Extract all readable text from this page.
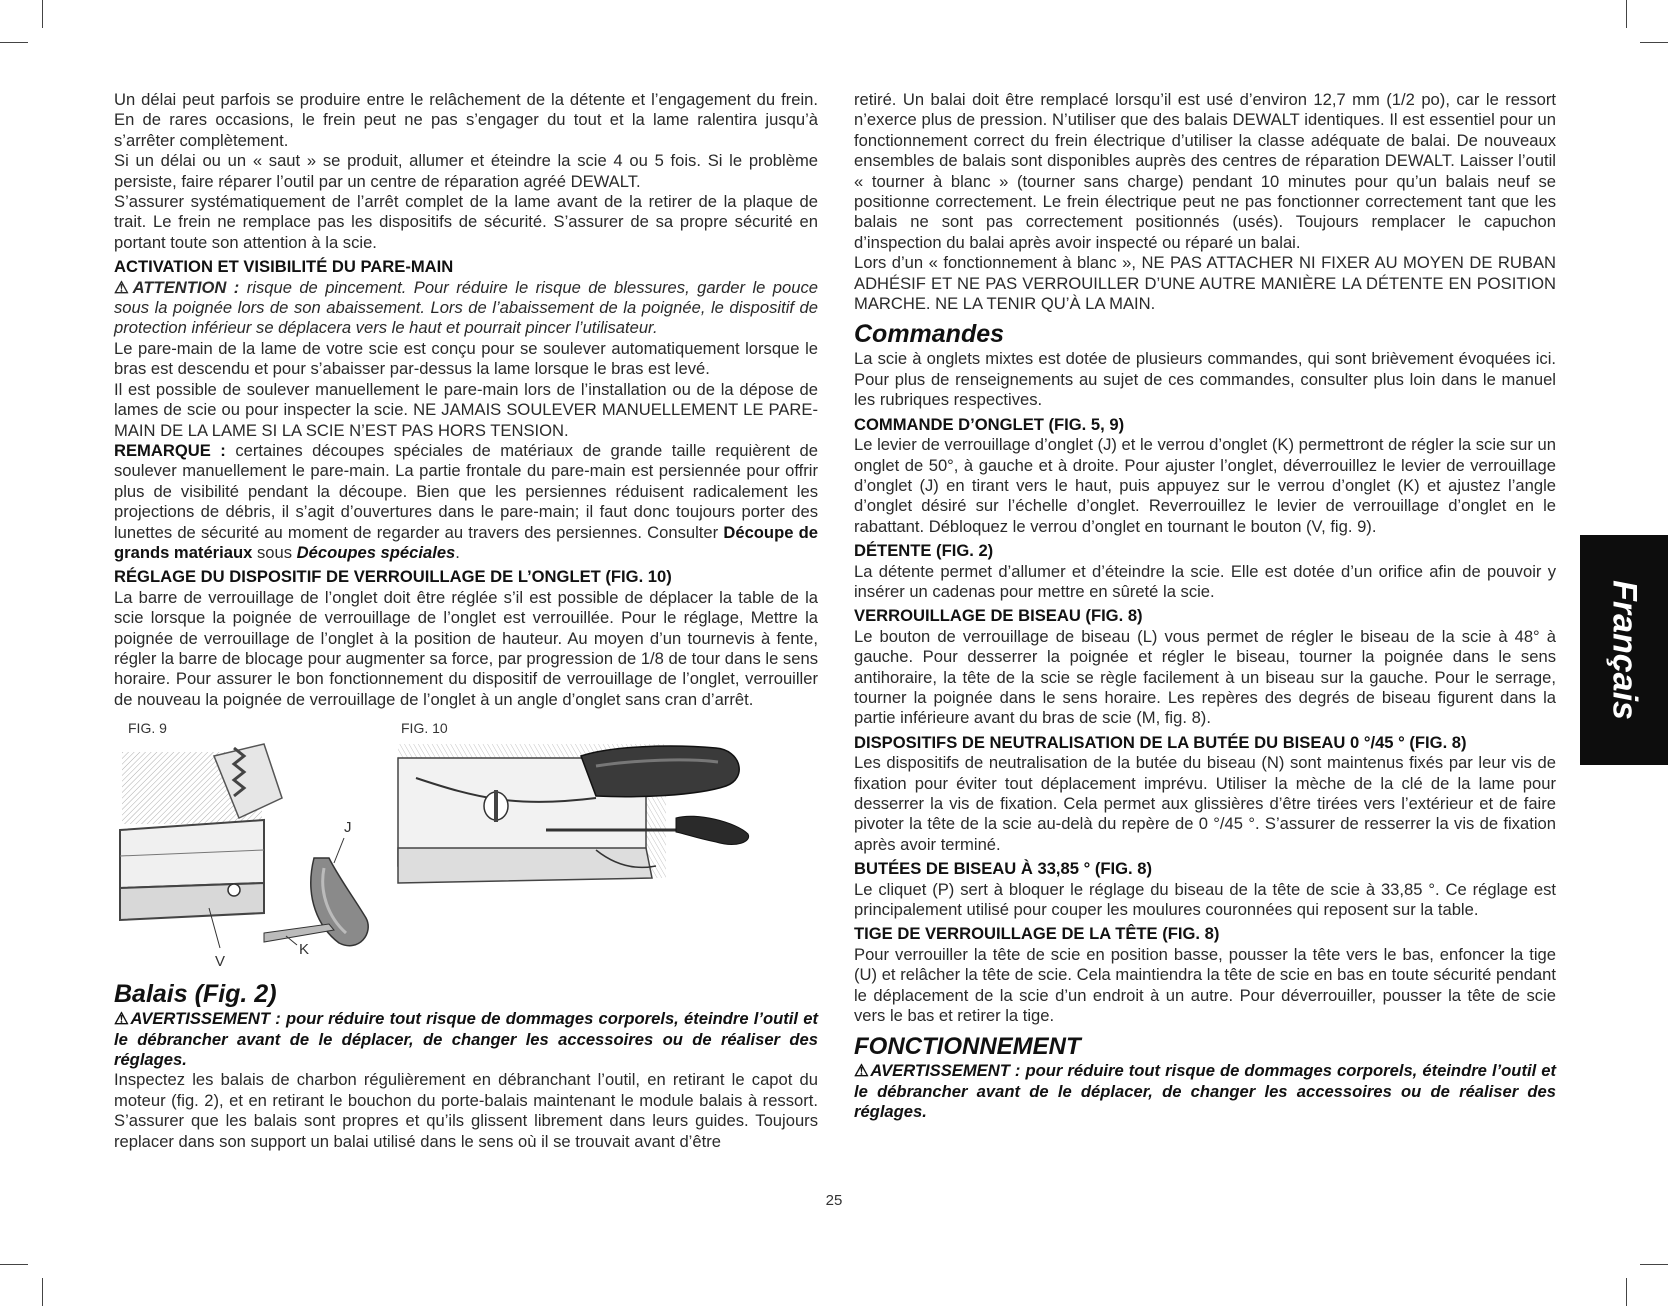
Un délai peut parfois se produire entre le relâchement de la détente et l’engagement du frein. En de rares occasions, le frein peut ne pas s’engager du tout et la lame ralentira jusqu’à s’arrêter complètement.

Si un délai ou un « saut » se produit, allumer et éteindre la scie 4 ou 5 fois. Si le problème persiste, faire réparer l’outil par un centre de réparation agréé DEWALT.

S’assurer systématiquement de l’arrêt complet de la lame avant de la retirer de la plaque de trait. Le frein ne remplace pas les dispositifs de sécurité. S’assurer de sa propre sécurité en portant toute son attention à la scie.

ACTIVATION ET VISIBILITÉ DU PARE-MAIN

⚠ATTENTION : risque de pincement. Pour réduire le risque de blessures, garder le pouce sous la poignée lors de son abaissement. Lors de l’abaissement de la poignée, le dispositif de protection inférieur se déplacera vers le haut et pourrait pincer l’utilisateur.

Le pare-main de la lame de votre scie est conçu pour se soulever automatiquement lorsque le bras est descendu et pour s’abaisser par-dessus la lame lorsque le bras est levé.

Il est possible de soulever manuellement le pare-main lors de l’installation ou de la dépose de lames de scie ou pour inspecter la scie. NE JAMAIS SOULEVER MANUELLEMENT LE PARE-MAIN DE LA LAME SI LA SCIE N’EST PAS HORS TENSION.

REMARQUE : certaines découpes spéciales de matériaux de grande taille requièrent de soulever manuellement le pare-main. La partie frontale du pare-main est persiennée pour offrir plus de visibilité pendant la découpe. Bien que les persiennes réduisent radicalement les projections de débris, il s’agit d’ouvertures dans le pare-main; il faut donc toujours porter des lunettes de sécurité au moment de regarder au travers des persiennes. Consulter Découpe de grands matériaux sous Découpes spéciales.

RÉGLAGE DU DISPOSITIF DE VERROUILLAGE DE L’ONGLET (FIG. 10)

La barre de verrouillage de l’onglet doit être réglée s’il est possible de déplacer la table de la scie lorsque la poignée de verrouillage de l’onglet est verrouillée. Pour le réglage, Mettre la poignée de verrouillage de l’onglet à la position de hauteur. Au moyen d’un tournevis à fente, régler la barre de blocage pour augmenter sa force, par progression de 1/8 de tour dans le sens horaire. Pour assurer le bon fonctionnement du dispositif de verrouillage de l’onglet, verrouiller de nouveau la poignée de verrouillage de l’onglet à un angle d’onglet sans cran d’arrêt.

FIG. 9	FIG. 10
J
V
K
Balais (Fig. 2)

⚠AVERTISSEMENT : pour réduire tout risque de dommages corporels, éteindre l’outil et le débrancher avant de le déplacer, de changer les accessoires ou de réaliser des réglages.

Inspectez les balais de charbon régulièrement en débranchant l’outil, en retirant le capot du moteur (fig. 2), et en retirant le bouchon du porte-balais maintenant le module balais à ressort. S’assurer que les balais sont propres et qu’ils glissent librement dans leurs guides. Toujours replacer dans son support un balai utilisé dans le sens où il se trouvait avant d’être

retiré. Un balai doit être remplacé lorsqu’il est usé d’environ 12,7 mm (1/2 po), car le ressort n’exerce plus de pression. N’utiliser que des balais DEWALT identiques. Il est essentiel pour un fonctionnement correct du frein électrique d’utiliser la classe adéquate de balai. De nouveaux ensembles de balais sont disponibles auprès des centres de réparation DEWALT. Laisser l’outil « tourner à blanc » (tourner sans charge) pendant 10 minutes pour qu’un balais neuf se positionne correctement. Le frein électrique peut ne pas fonctionner correctement tant que les balais ne sont pas correctement positionnés (usés). Toujours remplacer le capuchon d’inspection du balai après avoir inspecté ou réparé un balai.

Lors d’un « fonctionnement à blanc », NE PAS ATTACHER NI FIXER AU MOYEN DE RUBAN ADHÉSIF ET NE PAS VERROUILLER D’UNE AUTRE MANIÈRE LA DÉTENTE EN POSITION MARCHE. NE LA TENIR QU’À LA MAIN.

Commandes

La scie à onglets mixtes est dotée de plusieurs commandes, qui sont brièvement évoquées ici. Pour plus de renseignements au sujet de ces commandes, consulter plus loin dans le manuel les rubriques respectives.

COMMANDE D’ONGLET (FIG. 5, 9)

Le levier de verrouillage d’onglet (J) et le verrou d’onglet (K) permettront de régler la scie sur un onglet de 50°, à gauche et à droite. Pour ajuster l’onglet, déverrouillez le levier de verrouillage d’onglet (J) en tirant vers le haut, puis appuyez sur le verrou d’onglet (K) et ajustez l’angle d’onglet désiré sur l’échelle d’onglet. Reverrouillez le levier de verrouillage d’onglet en le rabattant. Débloquez le verrou d’onglet en tournant le bouton (V, fig. 9).

DÉTENTE (FIG. 2)

La détente permet d’allumer et d’éteindre la scie. Elle est dotée d’un orifice afin de pouvoir y insérer un cadenas pour mettre en sûreté la scie.

VERROUILLAGE DE BISEAU (FIG. 8)

Le bouton de verrouillage de biseau (L) vous permet de régler le biseau de la scie à 48° à gauche. Pour desserrer la poignée et régler le biseau, tourner la poignée dans le sens antihoraire, la tête de la scie se règle facilement à un biseau sur la gauche. Pour le serrage, tourner la poignée dans le sens horaire. Les repères des degrés de biseau figurent dans la partie inférieure avant du bras de scie (M, fig. 8).

DISPOSITIFS DE NEUTRALISATION DE LA BUTÉE DU BISEAU 0 °/45 ° (FIG. 8)

Les dispositifs de neutralisation de la butée du biseau (N) sont maintenus fixés par leur vis de fixation pour éviter tout déplacement imprévu. Utiliser la mèche de la clé de la lame pour desserrer la vis de fixation. Cela permet aux glissières d’être tirées vers l’extérieur et de faire pivoter la tête de la scie au-delà du repère de 0 °/45 °. S’assurer de resserrer la vis de fixation après avoir terminé.

BUTÉES DE BISEAU À 33,85 ° (FIG. 8)

Le cliquet (P) sert à bloquer le réglage du biseau de la tête de scie à 33,85 °. Ce réglage est principalement utilisé pour couper les moulures couronnées qui reposent sur la table.

TIGE DE VERROUILLAGE DE LA TÊTE (FIG. 8)

Pour verrouiller la tête de scie en position basse, pousser la tête vers le bas, enfoncer la tige (U) et relâcher la tête de scie. Cela maintiendra la tête de scie en bas en toute sécurité pendant le déplacement de la scie d’un endroit à un autre. Pour déverrouiller, pousser la tête de scie vers le bas et retirer la tige.

FONCTIONNEMENT

⚠AVERTISSEMENT : pour réduire tout risque de dommages corporels, éteindre l’outil et le débrancher avant de le déplacer, de changer les accessoires ou de réaliser des réglages.

Français
25
